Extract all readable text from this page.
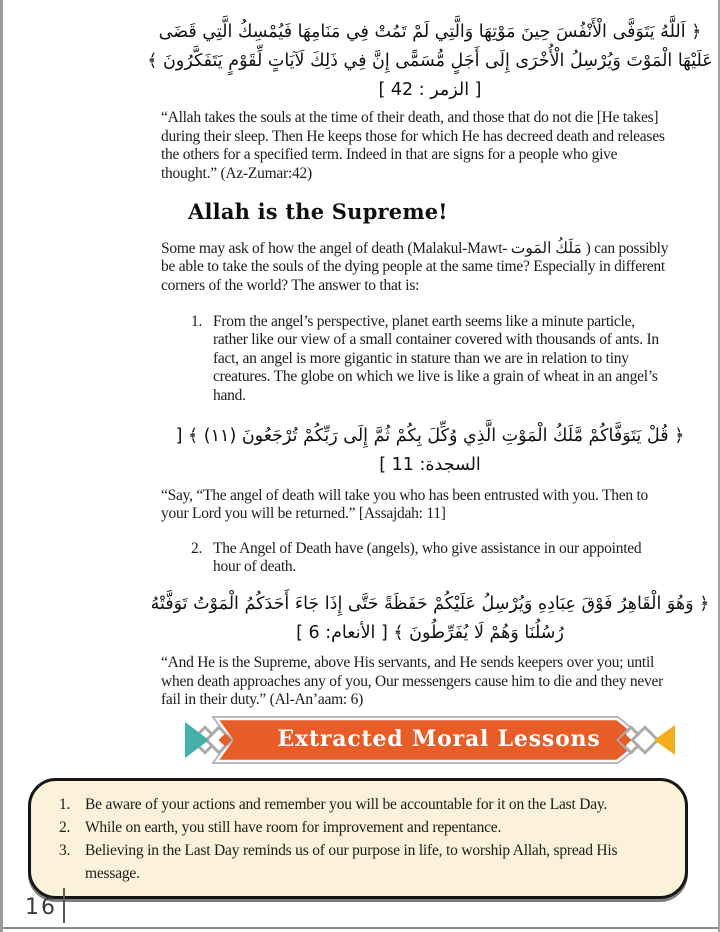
﴿ اَللَّهُ يَتَوَفَّى الْأَنْفُسَ حِينَ مَوْتِهَا وَالَّتِي لَمْ تَمُتْ فِي مَنَامِهَا فَيُمْسِكُ الَّتِي قَضَى عَلَيْهَا الْمَوْتَ وَيُرْسِلُ الْأُخْرَى إِلَى أَجَلٍ مُّسَمًّى إِنَّ فِي ذَلِكَ لَآيَاتٍ لِّقَوْمٍ يَتَفَكَّرُونَ ﴾ [ الزمر : 42 ]

“Allah takes the souls at the time of their death, and those that do not die [He takes] during their sleep. Then He keeps those for which He has decreed death and releases the others for a specified term. Indeed in that are signs for a people who give thought.” (Az-Zumar:42)

Allah is the Supreme!

Some may ask of how the angel of death (Malakul-Mawt- مَلَكُ المَوت ) can possibly be able to take the souls of the dying people at the same time? Especially in different corners of the world? The answer to that is:

1. From the angel’s perspective, planet earth seems like a minute particle, rather like our view of a small container covered with thousands of ants. In fact, an angel is more gigantic in stature than we are in relation to tiny creatures. The globe on which we live is like a grain of wheat in an angel’s hand.
﴿ قُلْ يَتَوَفَّاكُمْ مَّلَكُ الْمَوْتِ الَّذِي وُكِّلَ بِكُمْ ثُمَّ إِلَى رَبِّكُمْ تُرْجَعُونَ (١١) ﴾ [ السجدة: 11 ]

“Say, “The angel of death will take you who has been entrusted with you. Then to your Lord you will be returned.” [Assajdah: 11]

2. The Angel of Death have (angels), who give assistance in our appointed hour of death.
﴿ وَهُوَ الْقَاهِرُ فَوْقَ عِبَادِهِ وَيُرْسِلُ عَلَيْكُمْ حَفَظَةً حَتَّى إِذَا جَاءَ أَحَدَكُمُ الْمَوْتُ تَوَفَّتْهُ رُسُلُنَا وَهُمْ لَا يُفَرِّطُونَ ﴾ [ الأنعام: 6 ]

“And He is the Supreme, above His servants, and He sends keepers over you; until when death approaches any of you, Our messengers cause him to die and they never fail in their duty.” (Al-An’aam: 6)

Extracted Moral Lessons
1. Be aware of your actions and remember you will be accountable for it on the Last Day.
2. While on earth, you still have room for improvement and repentance.
3. Believing in the Last Day reminds us of our purpose in life, to worship Allah, spread His message.
16
